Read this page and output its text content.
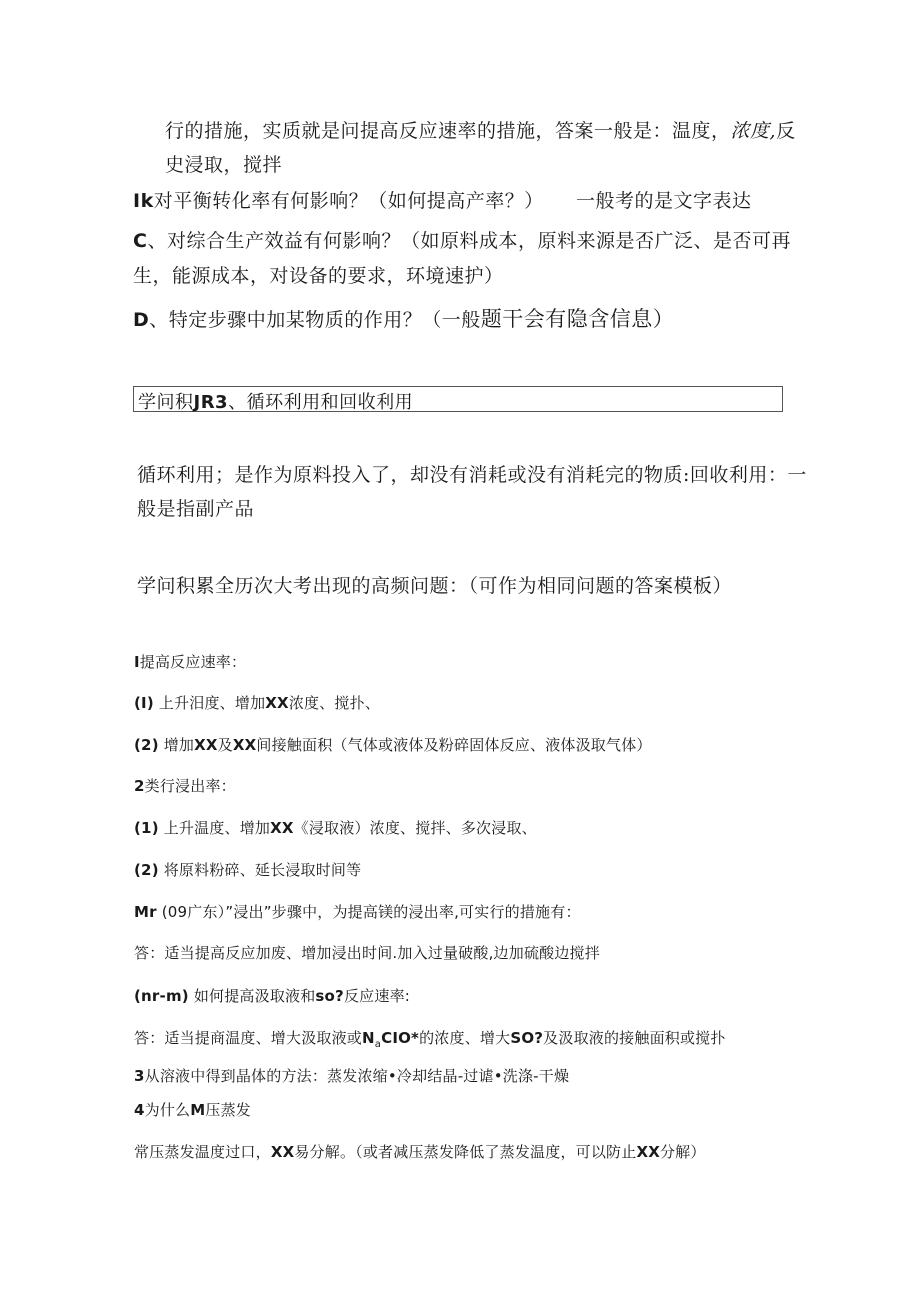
行的措施，实质就是问提高反应速率的措施，答案一般是：温度，浓度,反
史浸取，搅拌
Ik对平衡转化率有何影响？（如何提高产率？） 一般考的是文字表达
C、对综合生产效益有何影响？（如原料成本，原料来源是否广泛、是否可再
生，能源成本，对设备的要求，环境速护）
D、特定步骤中加某物质的作用？（一般题干会有隐含信息）
学问积JR3、循环利用和回收利用
循环利用；是作为原料投入了，却没有消耗或没有消耗完的物质:回收利用：一
般是指副产品
学问积累全历次大考出现的高频问题：（可作为相同问题的答案模板）
I提高反应速率：
(I) 上升汨度、增加XX浓度、搅扑、
(2) 增加XX及XX间接触面积（气体或液体及粉碎固体反应、液体汲取气体）
2类行浸出率：
(1) 上升温度、增加XX《浸取液）浓度、搅拌、多次浸取、
(2) 将原料粉碎、延长浸取时间等
Mr (09广东）”浸出”步骤中，为提高镁的浸出率,可实行的措施有：
答：适当提高反应加废、增加浸出时间.加入过量破酸,边加硫酸边搅拌
(nr-m) 如何提高汲取液和so?反应速率:
答：适当提商温度、增大汲取液或$N_aCIO*$的浓度、增大SO?及汲取液的接触面积或搅扑
3从溶液中得到晶体的方法：蒸发浓缩•冷却结晶-过谑•洗涤-干燥
4为什么M压蒸发
常压蒸发温度过口，XX易分解。（或者减压蒸发降低了蒸发温度，可以防止XX分解）
